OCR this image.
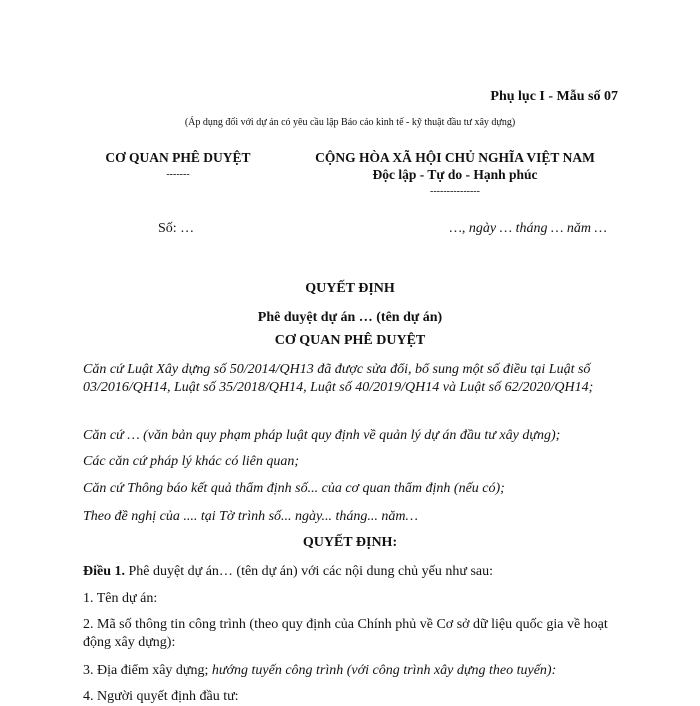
Phụ lục I - Mẫu số 07
(Áp dụng đối với dự án có yêu cầu lập Báo cáo kinh tế - kỹ thuật đầu tư xây dựng)
CƠ QUAN PHÊ DUYỆT
-------
CỘNG HÒA XÃ HỘI CHỦ NGHĨA VIỆT NAM
Độc lập - Tự do - Hạnh phúc
---------------
Số: …	…, ngày … tháng … năm …
QUYẾT ĐỊNH
Phê duyệt dự án … (tên dự án)
CƠ QUAN PHÊ DUYỆT
Căn cứ Luật Xây dựng số 50/2014/QH13 đã được sửa đổi, bổ sung một số điều tại Luật số 03/2016/QH14, Luật số 35/2018/QH14, Luật số 40/2019/QH14 và Luật số 62/2020/QH14;
Căn cứ … (văn bản quy phạm pháp luật quy định về quản lý dự án đầu tư xây dựng);
Các căn cứ pháp lý khác có liên quan;
Căn cứ Thông báo kết quả thẩm định số... của cơ quan thẩm định (nếu có);
Theo đề nghị của .... tại Tờ trình số... ngày... tháng... năm…
QUYẾT ĐỊNH:
Điều 1. Phê duyệt dự án… (tên dự án) với các nội dung chủ yếu như sau:
1. Tên dự án:
2. Mã số thông tin công trình (theo quy định của Chính phủ về Cơ sở dữ liệu quốc gia về hoạt động xây dựng):
3. Địa điểm xây dựng; hướng tuyến công trình (với công trình xây dựng theo tuyến):
4. Người quyết định đầu tư:
